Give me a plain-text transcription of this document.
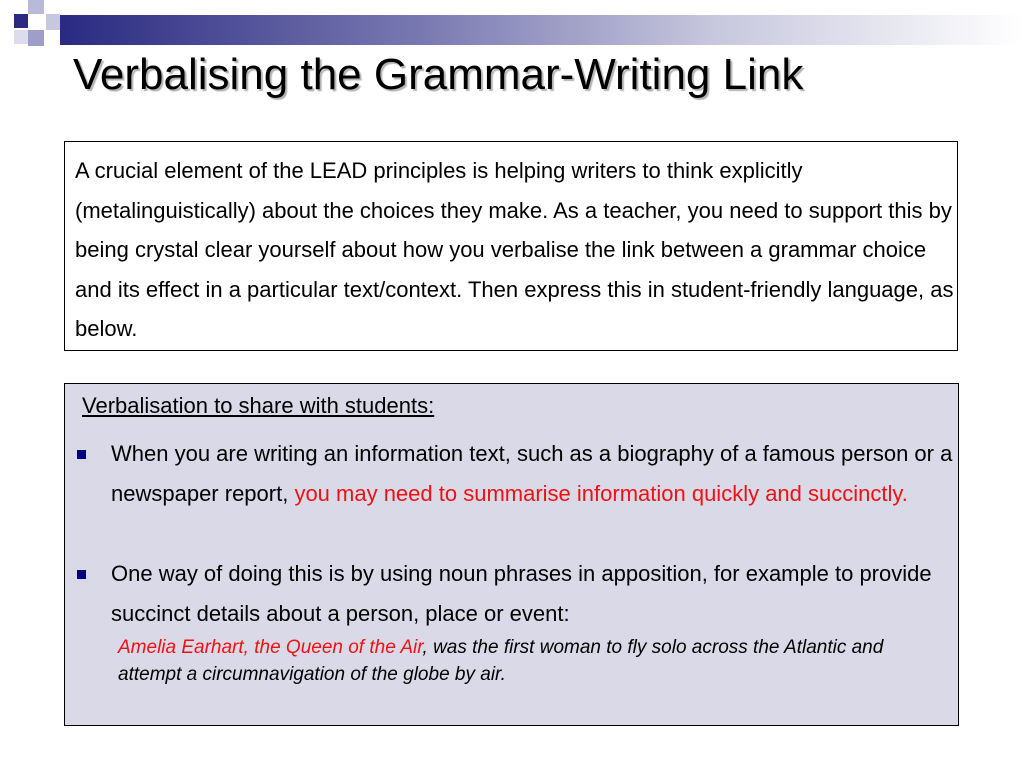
Verbalising the Grammar-Writing Link

A crucial element of the LEAD principles is helping writers to think explicitly (metalinguistically) about the choices they make. As a teacher, you need to support this by being crystal clear yourself about how you verbalise the link between a grammar choice and its effect in a particular text/context. Then express this in student-friendly language, as below.

Verbalisation to share with students:

When you are writing an information text, such as a biography of a famous person or a newspaper report, you may need to summarise information quickly and succinctly.

One way of doing this is by using noun phrases in apposition, for example to provide succinct details about a person, place or event:

Amelia Earhart, the Queen of the Air, was the first woman to fly solo across the Atlantic and attempt a circumnavigation of the globe by air.
